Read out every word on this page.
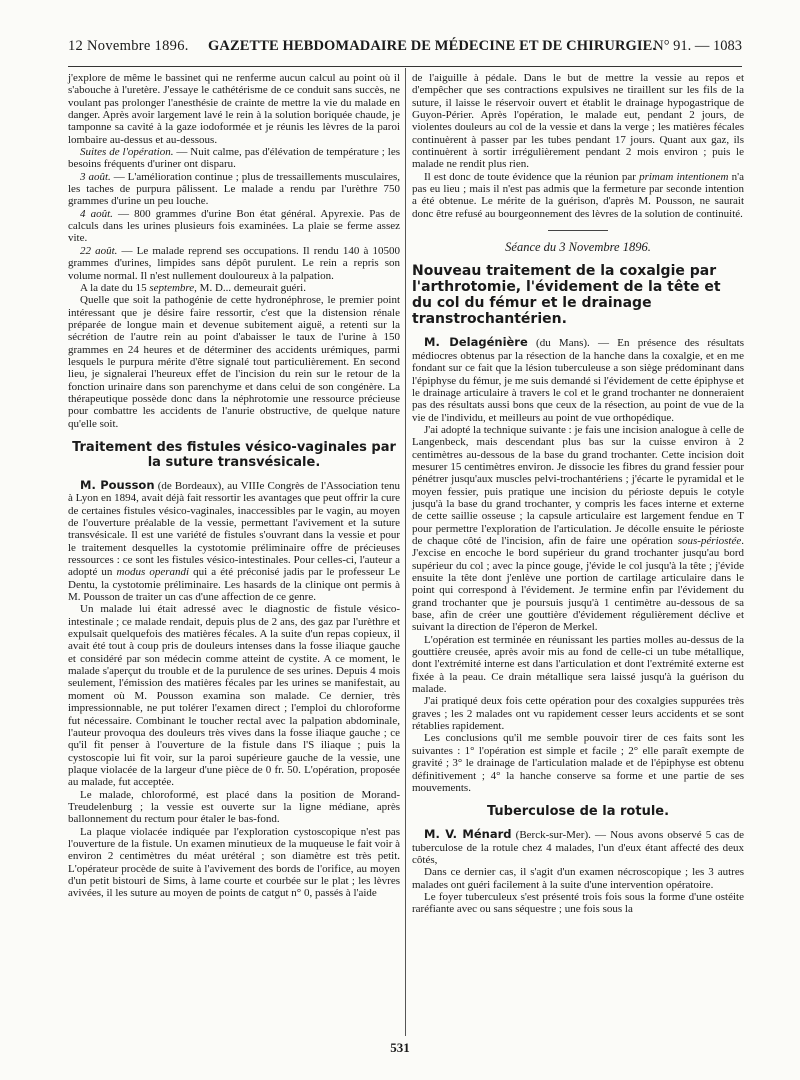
12 Novembre 1896. GAZETTE HEBDOMADAIRE DE MÉDECINE ET DE CHIRURGIE.
N° 91. — 1083

j'explore de même le bassinet qui ne renferme aucun calcul au point où il s'abouche à l'uretère. J'essaye le cathétérisme de ce conduit sans succès, ne voulant pas prolonger l'anesthésie de crainte de mettre la vie du malade en danger. Après avoir largement lavé le rein à la solution boriquée chaude, je tamponne sa cavité à la gaze iodoformée et je réunis les lèvres de la paroi lombaire au-dessus et au-dessous.

Suites de l'opération. — Nuit calme, pas d'élévation de température ; les besoins fréquents d'uriner ont disparu.

3 août. — L'amélioration continue ; plus de tressaillements musculaires, les taches de purpura pâlissent. Le malade a rendu par l'urèthre 750 grammes d'urine un peu louche.

4 août. — 800 grammes d'urine Bon état général. Apyrexie. Pas de calculs dans les urines plusieurs fois examinées. La plaie se ferme assez vite.

22 août. — Le malade reprend ses occupations. Il rendu 140 à 10500 grammes d'urines, limpides sans dépôt purulent. Le rein a repris son volume normal. Il n'est nullement douloureux à la palpation.

A la date du 15 septembre, M. D... demeurait guéri.

Quelle que soit la pathogénie de cette hydronéphrose, le premier point intéressant que je désire faire ressortir, c'est que la distension rénale préparée de longue main et devenue subitement aiguë, a retenti sur la sécrétion de l'autre rein au point d'abaisser le taux de l'urine à 150 grammes en 24 heures et de déterminer des accidents urémiques, parmi lesquels le purpura mérite d'être signalé tout particulièrement. En second lieu, je signalerai l'heureux effet de l'incision du rein sur le retour de la fonction urinaire dans son parenchyme et dans celui de son congénère. La thérapeutique possède donc dans la néphrotomie une ressource précieuse pour combattre les accidents de l'anurie obstructive, de quelque nature qu'elle soit.

Traitement des fistules vésico-vaginales par la suture transvésicale.

M. Pousson (de Bordeaux), au VIIIe Congrès de l'Association tenu à Lyon en 1894, avait déjà fait ressortir les avantages que peut offrir la cure de certaines fistules vésico-vaginales, inaccessibles par le vagin, au moyen de l'ouverture préalable de la vessie, permettant l'avivement et la suture transvésicale. Il est une variété de fistules s'ouvrant dans la vessie et pour le traitement desquelles la cystotomie préliminaire offre de précieuses ressources : ce sont les fistules vésico-intestinales. Pour celles-ci, l'auteur a adopté un modus operandi qui a été préconisé jadis par le professeur Le Dentu, la cystotomie préliminaire. Les hasards de la clinique ont permis à M. Pousson de traiter un cas d'une affection de ce genre.

Un malade lui était adressé avec le diagnostic de fistule vésico-intestinale ; ce malade rendait, depuis plus de 2 ans, des gaz par l'urèthre et expulsait quelquefois des matières fécales. A la suite d'un repas copieux, il avait été tout à coup pris de douleurs intenses dans la fosse iliaque gauche et considéré par son médecin comme atteint de cystite. A ce moment, le malade s'aperçut du trouble et de la purulence de ses urines. Depuis 4 mois seulement, l'émission des matières fécales par les urines se manifestait, au moment où M. Pousson examina son malade. Ce dernier, très impressionnable, ne put tolérer l'examen direct ; l'emploi du chloroforme fut nécessaire. Combinant le toucher rectal avec la palpation abdominale, l'auteur provoqua des douleurs très vives dans la fosse iliaque gauche ; ce qu'il fit penser à l'ouverture de la fistule dans l'S iliaque ; puis la cystoscopie lui fit voir, sur la paroi supérieure gauche de la vessie, une plaque violacée de la largeur d'une pièce de 0 fr. 50. L'opération, proposée au malade, fut acceptée.

Le malade, chloroformé, est placé dans la position de Morand-Treudelenburg ; la vessie est ouverte sur la ligne médiane, après ballonnement du rectum pour étaler le bas-fond.

La plaque violacée indiquée par l'exploration cystoscopique n'est pas l'ouverture de la fistule. Un examen minutieux de la muqueuse le fait voir à environ 2 centimètres du méat urétéral ; son diamètre est très petit. L'opérateur procède de suite à l'avivement des bords de l'orifice, au moyen d'un petit bistouri de Sims, à lame courte et courbée sur le plat ; les lèvres avivées, il les suture au moyen de points de catgut n° 0, passés à l'aide

de l'aiguille à pédale. Dans le but de mettre la vessie au repos et d'empêcher que ses contractions expulsives ne tiraillent sur les fils de la suture, il laisse le réservoir ouvert et établit le drainage hypogastrique de Guyon-Périer. Après l'opération, le malade eut, pendant 2 jours, de violentes douleurs au col de la vessie et dans la verge ; les matières fécales continuèrent à passer par les tubes pendant 17 jours. Quant aux gaz, ils continuèrent à sortir irrégulièrement pendant 2 mois environ ; puis le malade ne rendit plus rien.

Il est donc de toute évidence que la réunion par primam intentionem n'a pas eu lieu ; mais il n'est pas admis que la fermeture par seconde intention a été obtenue. Le mérite de la guérison, d'après M. Pousson, ne saurait donc être refusé au bourgeonnement des lèvres de la solution de continuité.

Séance du 3 Novembre 1896.
Nouveau traitement de la coxalgie par l'arthrotomie, l'évidement de la tête et du col du fémur et le drainage transtrochantérien.

M. Delagénière (du Mans). — En présence des résultats médiocres obtenus par la résection de la hanche dans la coxalgie, et en me fondant sur ce fait que la lésion tuberculeuse a son siège prédominant dans l'épiphyse du fémur, je me suis demandé si l'évidement de cette épiphyse et le drainage articulaire à travers le col et le grand trochanter ne donneraient pas des résultats aussi bons que ceux de la résection, au point de vue de la vie de l'individu, et meilleurs au point de vue orthopédique.

J'ai adopté la technique suivante : je fais une incision analogue à celle de Langenbeck, mais descendant plus bas sur la cuisse environ à 2 centimètres au-dessous de la base du grand trochanter. Cette incision doit mesurer 15 centimètres environ. Je dissocie les fibres du grand fessier pour pénétrer jusqu'aux muscles pelvi-trochantériens ; j'écarte le pyramidal et le moyen fessier, puis pratique une incision du périoste depuis le cotyle jusqu'à la base du grand trochanter, y compris les faces interne et externe de cette saillie osseuse ; la capsule articulaire est largement fendue en T pour permettre l'exploration de l'articulation. Je décolle ensuite le périoste de chaque côté de l'incision, afin de faire une opération sous-périostée. J'excise en encoche le bord supérieur du grand trochanter jusqu'au bord supérieur du col ; avec la pince gouge, j'évide le col jusqu'à la tête ; j'évide ensuite la tête dont j'enlève une portion de cartilage articulaire dans le point qui correspond à l'évidement. Je termine enfin par l'évidement du grand trochanter que je poursuis jusqu'à 1 centimètre au-dessous de sa base, afin de créer une gouttière d'évidement régulièrement déclive et suivant la direction de l'éperon de Merkel.

L'opération est terminée en réunissant les parties molles au-dessus de la gouttière creusée, après avoir mis au fond de celle-ci un tube métallique, dont l'extrémité interne est dans l'articulation et dont l'extrémité externe est fixée à la peau. Ce drain métallique sera laissé jusqu'à la guérison du malade.

J'ai pratiqué deux fois cette opération pour des coxalgies suppurées très graves ; les 2 malades ont vu rapidement cesser leurs accidents et se sont rétablies rapidement.

Les conclusions qu'il me semble pouvoir tirer de ces faits sont les suivantes : 1° l'opération est simple et facile ; 2° elle paraît exempte de gravité ; 3° le drainage de l'articulation malade et de l'épiphyse est obtenu définitivement ; 4° la hanche conserve sa forme et une partie de ses mouvements.

Tuberculose de la rotule.

M. V. Ménard (Berck-sur-Mer). — Nous avons observé 5 cas de tuberculose de la rotule chez 4 malades, l'un d'eux étant affecté des deux côtés,

Dans ce dernier cas, il s'agit d'un examen nécroscopique ; les 3 autres malades ont guéri facilement à la suite d'une intervention opératoire.

Le foyer tuberculeux s'est présenté trois fois sous la forme d'une ostéite raréfiante avec ou sans séquestre ; une fois sous la

531
